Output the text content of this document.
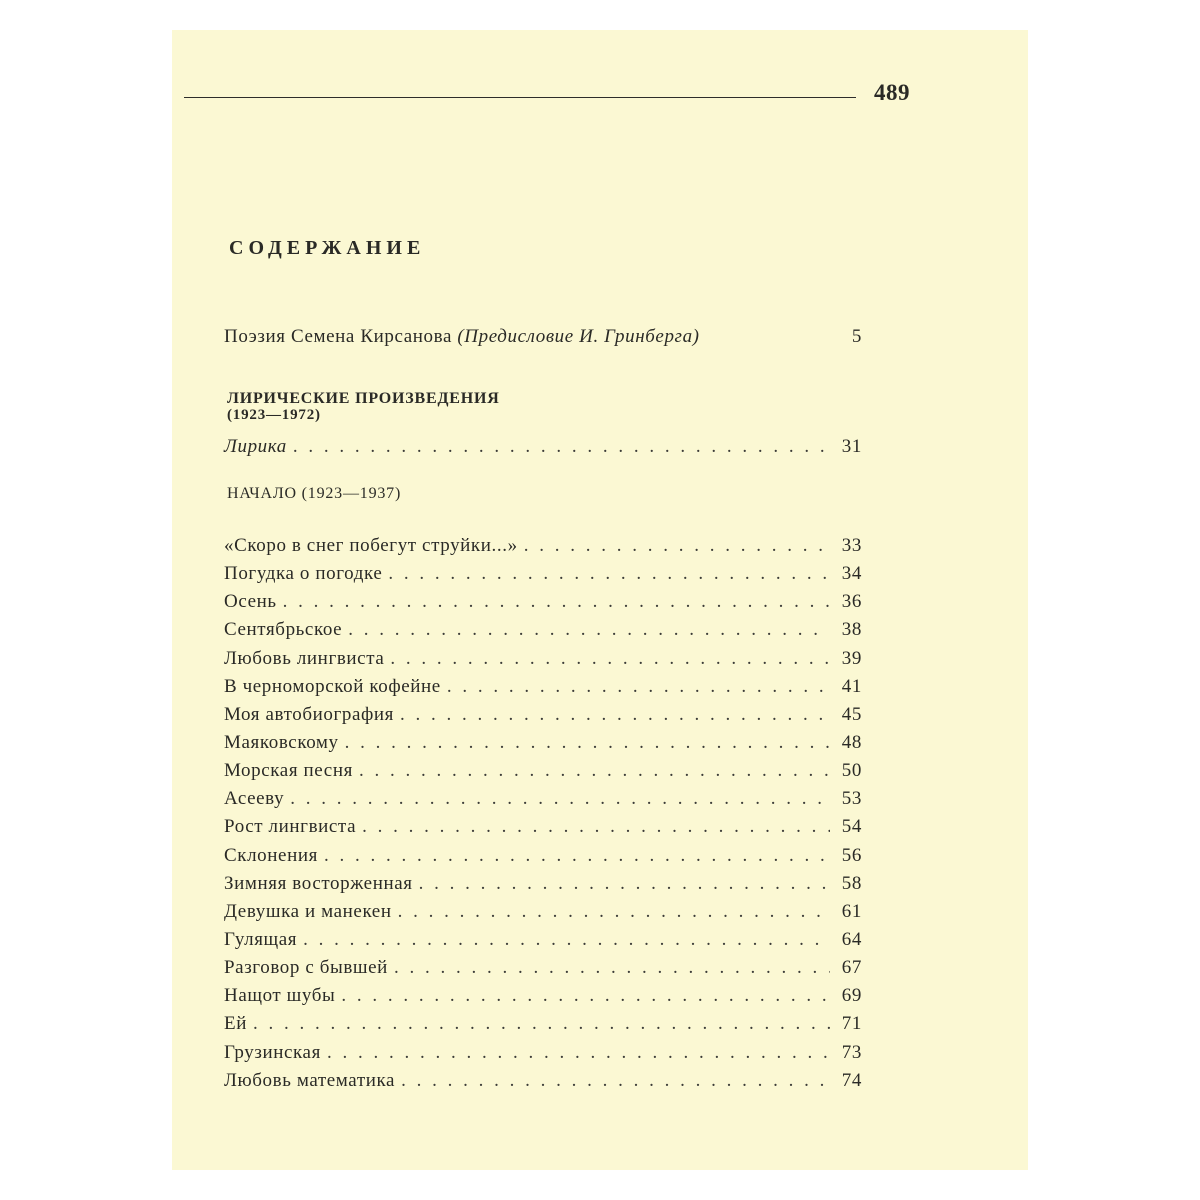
489
СОДЕРЖАНИЕ
Поэзия Семена Кирсанова (Предисловие И. Гринберга)	5
ЛИРИЧЕСКИЕ ПРОИЗВЕДЕНИЯ
(1923—1972)
Лирика . . .	31
НАЧАЛО (1923—1937)
«Скоро в снег побегут струйки...» . . .	33
Погудка о погодке . . .	34
Осень . . .	36
Сентябрьское . . .	38
Любовь лингвиста . . .	39
В черноморской кофейне . . .	41
Моя автобиография . . .	45
Маяковскому . . .	48
Морская песня . . .	50
Асееву . . .	53
Рост лингвиста . . .	54
Склонения . . .	56
Зимняя восторженная . . .	58
Девушка и манекен . . .	61
Гулящая . . .	64
Разговор с бывшей . . .	67
Нащот шубы . . .	69
Ей . . .	71
Грузинская . . .	73
Любовь математика . . .	74
